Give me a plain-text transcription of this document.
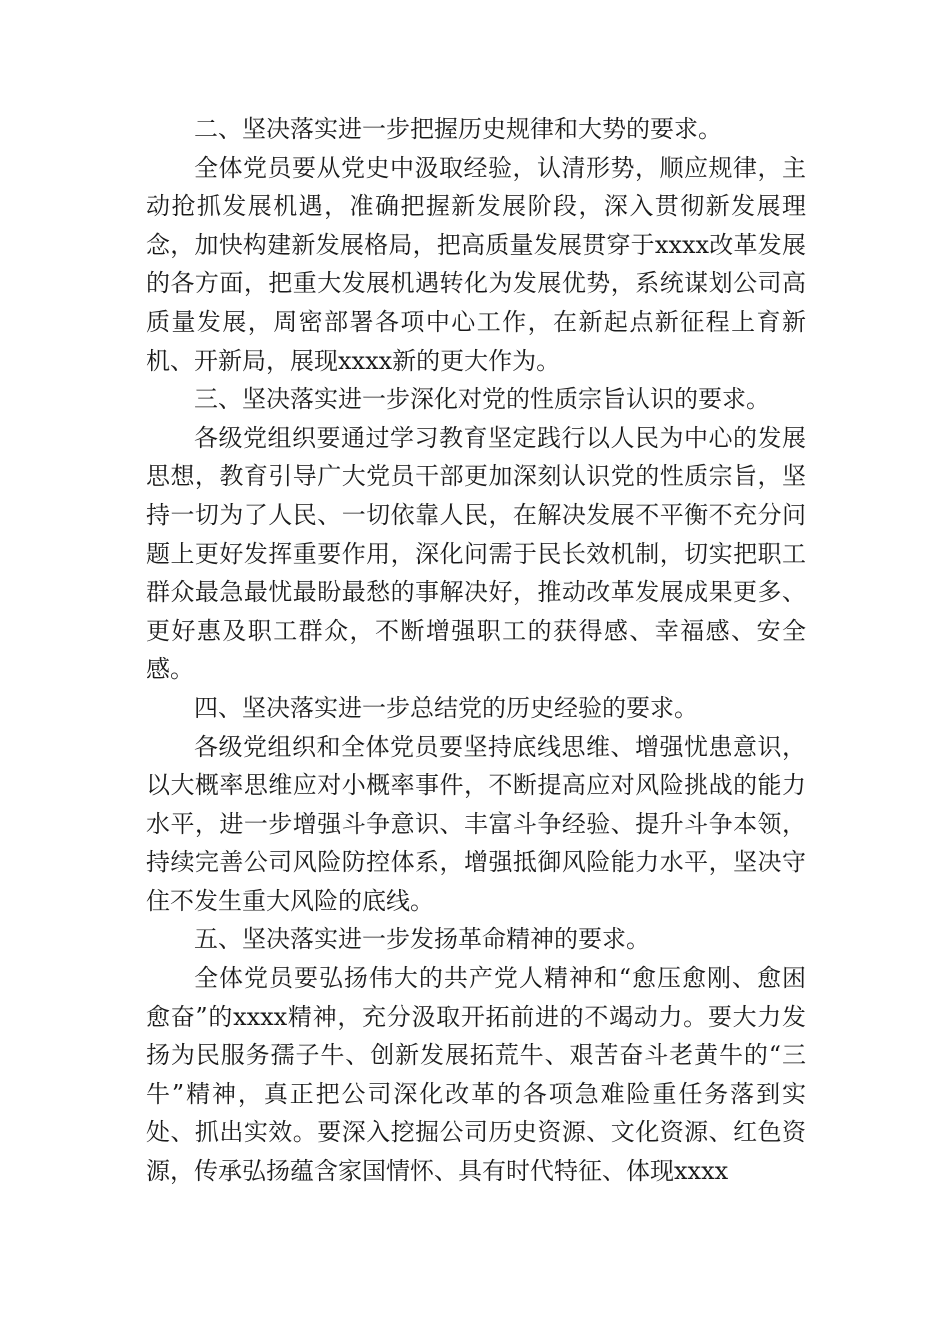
二、坚决落实进一步把握历史规律和大势的要求。

全体党员要从党史中汲取经验，认清形势，顺应规律，主动抢抓发展机遇，准确把握新发展阶段，深入贯彻新发展理念，加快构建新发展格局，把高质量发展贯穿于xxxx改革发展的各方面，把重大发展机遇转化为发展优势，系统谋划公司高质量发展，周密部署各项中心工作，在新起点新征程上育新机、开新局，展现xxxx新的更大作为。

三、坚决落实进一步深化对党的性质宗旨认识的要求。

各级党组织要通过学习教育坚定践行以人民为中心的发展思想，教育引导广大党员干部更加深刻认识党的性质宗旨，坚持一切为了人民、一切依靠人民，在解决发展不平衡不充分问题上更好发挥重要作用，深化问需于民长效机制，切实把职工群众最急最忧最盼最愁的事解决好，推动改革发展成果更多、更好惠及职工群众，不断增强职工的获得感、幸福感、安全感。

四、坚决落实进一步总结党的历史经验的要求。

各级党组织和全体党员要坚持底线思维、增强忧患意识，以大概率思维应对小概率事件，不断提高应对风险挑战的能力水平，进一步增强斗争意识、丰富斗争经验、提升斗争本领，持续完善公司风险防控体系，增强抵御风险能力水平，坚决守住不发生重大风险的底线。

五、坚决落实进一步发扬革命精神的要求。

全体党员要弘扬伟大的共产党人精神和“愈压愈刚、愈困愈奋”的xxxx精神，充分汲取开拓前进的不竭动力。要大力发扬为民服务孺子牛、创新发展拓荒牛、艰苦奋斗老黄牛的“三牛”精神，真正把公司深化改革的各项急难险重任务落到实处、抓出实效。要深入挖掘公司历史资源、文化资源、红色资源，传承弘扬蕴含家国情怀、具有时代特征、体现xxxx
